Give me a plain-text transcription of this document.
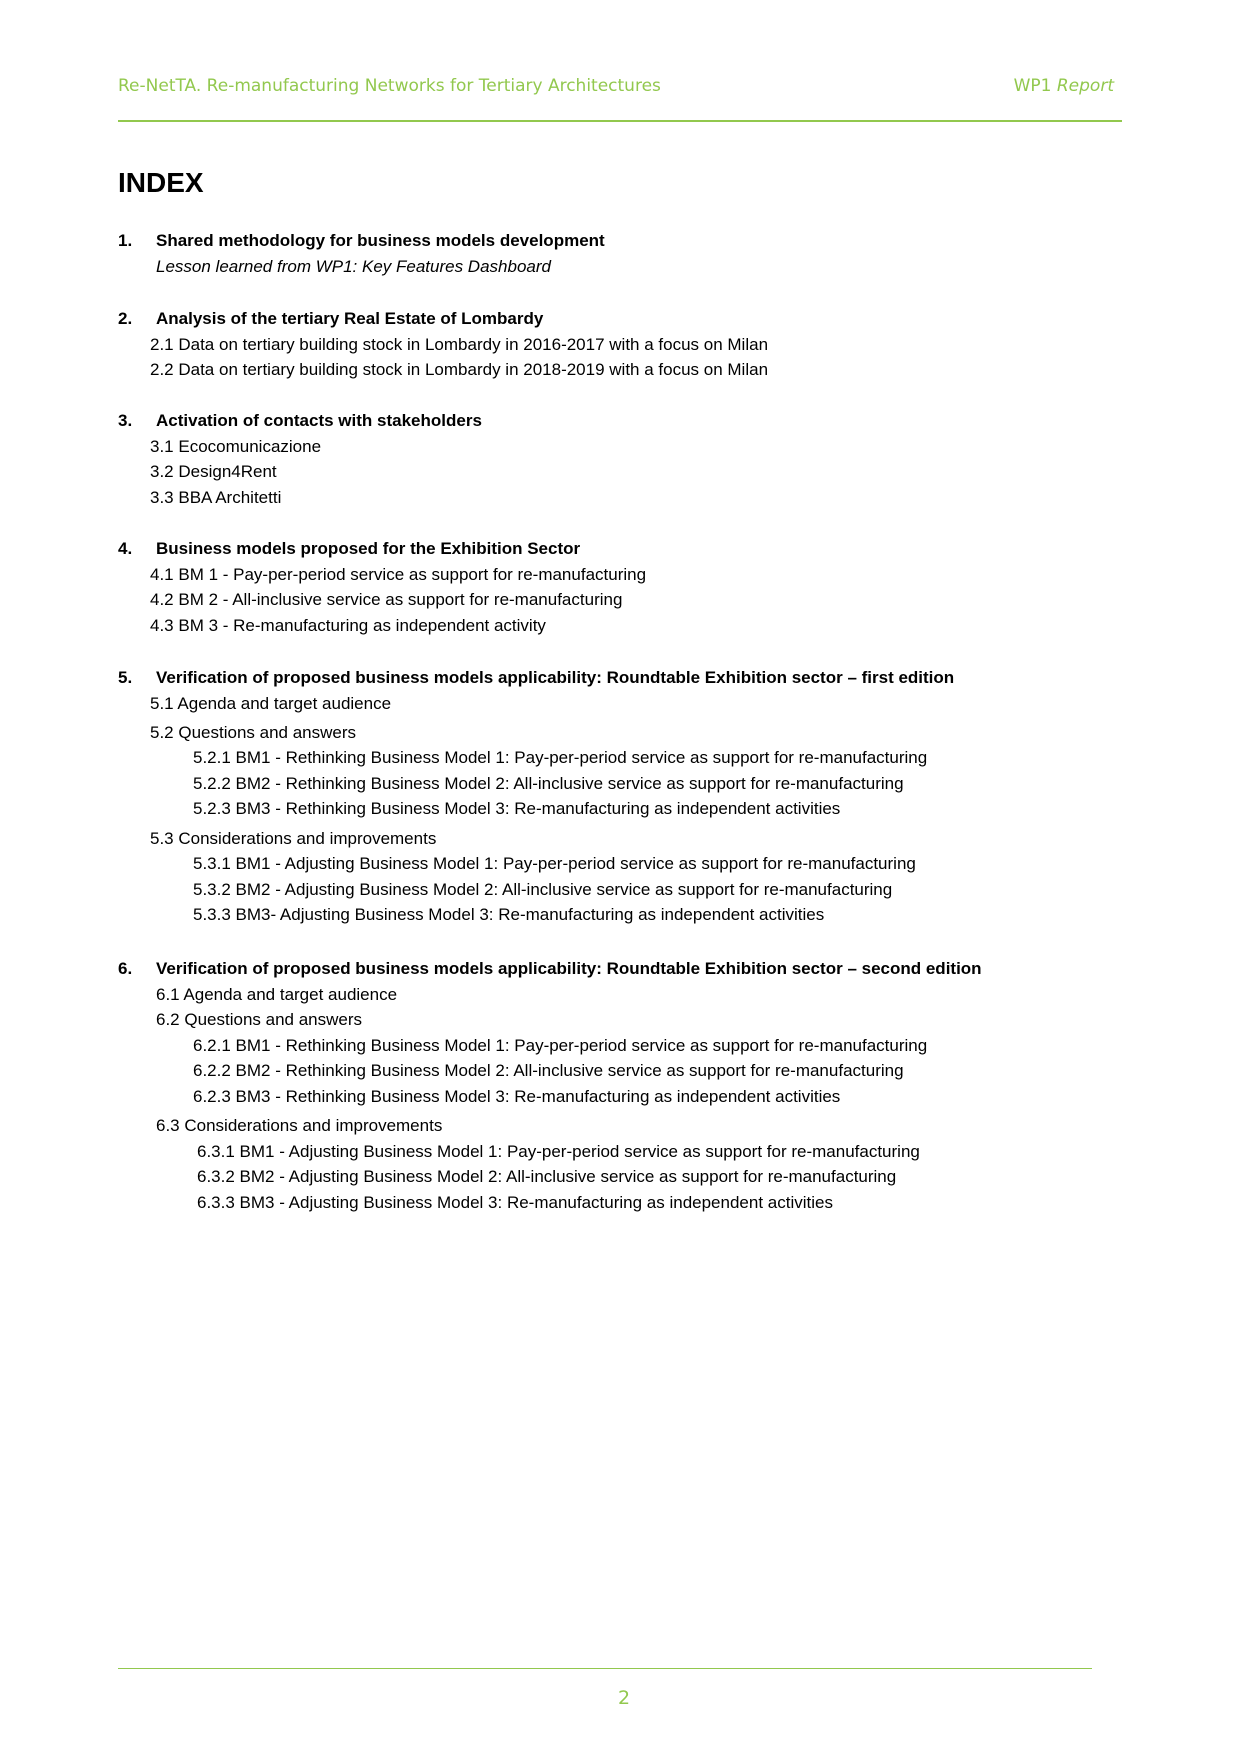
Re-NetTA. Re-manufacturing Networks for Tertiary Architectures	WP1 Report
INDEX
1. Shared methodology for business models development
Lesson learned from WP1: Key Features Dashboard
2. Analysis of the tertiary Real Estate of Lombardy
2.1 Data on tertiary building stock in Lombardy in 2016-2017 with a focus on Milan
2.2 Data on tertiary building stock in Lombardy in 2018-2019 with a focus on Milan
3. Activation of contacts with stakeholders
3.1 Ecocomunicazione
3.2 Design4Rent
3.3 BBA Architetti
4. Business models proposed for the Exhibition Sector
4.1 BM 1 - Pay-per-period service as support for re-manufacturing
4.2 BM 2 - All-inclusive service as support for re-manufacturing
4.3 BM 3 - Re-manufacturing as independent activity
5. Verification of proposed business models applicability: Roundtable Exhibition sector – first edition
5.1 Agenda and target audience
5.2 Questions and answers
5.2.1 BM1 - Rethinking Business Model 1: Pay-per-period service as support for re-manufacturing
5.2.2 BM2 - Rethinking Business Model 2: All-inclusive service as support for re-manufacturing
5.2.3 BM3 - Rethinking Business Model 3: Re-manufacturing as independent activities
5.3 Considerations and improvements
5.3.1 BM1 - Adjusting Business Model 1: Pay-per-period service as support for re-manufacturing
5.3.2 BM2 - Adjusting Business Model 2: All-inclusive service as support for re-manufacturing
5.3.3 BM3- Adjusting Business Model 3: Re-manufacturing as independent activities
6. Verification of proposed business models applicability: Roundtable Exhibition sector – second edition
6.1 Agenda and target audience
6.2 Questions and answers
6.2.1 BM1 - Rethinking Business Model 1: Pay-per-period service as support for re-manufacturing
6.2.2 BM2 - Rethinking Business Model 2: All-inclusive service as support for re-manufacturing
6.2.3 BM3 - Rethinking Business Model 3: Re-manufacturing as independent activities
6.3 Considerations and improvements
6.3.1 BM1 - Adjusting Business Model 1: Pay-per-period service as support for re-manufacturing
6.3.2 BM2 - Adjusting Business Model 2: All-inclusive service as support for re-manufacturing
6.3.3 BM3 - Adjusting Business Model 3: Re-manufacturing as independent activities
2
